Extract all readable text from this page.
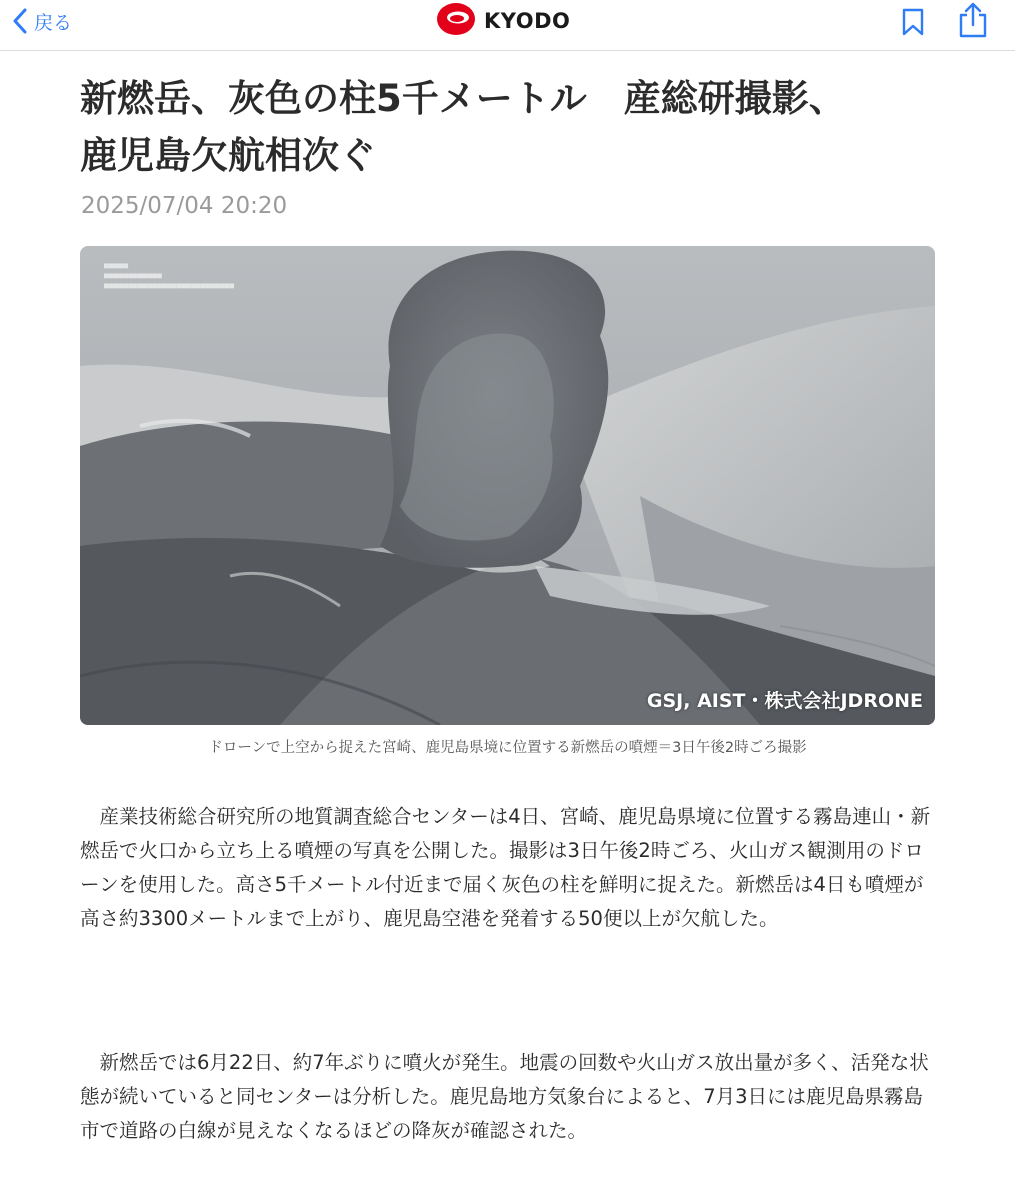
戻る	KYODO
新燃岳、灰色の柱5千メートル　産総研撮影、
鹿児島欠航相次ぐ
2025/07/04 20:20
■■■■■
■■■■■■■■■■■■
■■■■■■■■■■■■■■■■■■■■■■■■■■■
GSJ, AIST・株式会社JDRONE
ドローンで上空から捉えた宮崎、鹿児島県境に位置する新燃岳の噴煙＝3日午後2時ごろ撮影

産業技術総合研究所の地質調査総合センターは4日、宮崎、鹿児島県境に位置する霧島連山・新燃岳で火口から立ち上る噴煙の写真を公開した。撮影は3日午後2時ごろ、火山ガス観測用のドローンを使用した。高さ5千メートル付近まで届く灰色の柱を鮮明に捉えた。新燃岳は4日も噴煙が高さ約3300メートルまで上がり、鹿児島空港を発着する50便以上が欠航した。

新燃岳では6月22日、約7年ぶりに噴火が発生。地震の回数や火山ガス放出量が多く、活発な状態が続いていると同センターは分析した。鹿児島地方気象台によると、7月3日には鹿児島県霧島市で道路の白線が見えなくなるほどの降灰が確認された。
